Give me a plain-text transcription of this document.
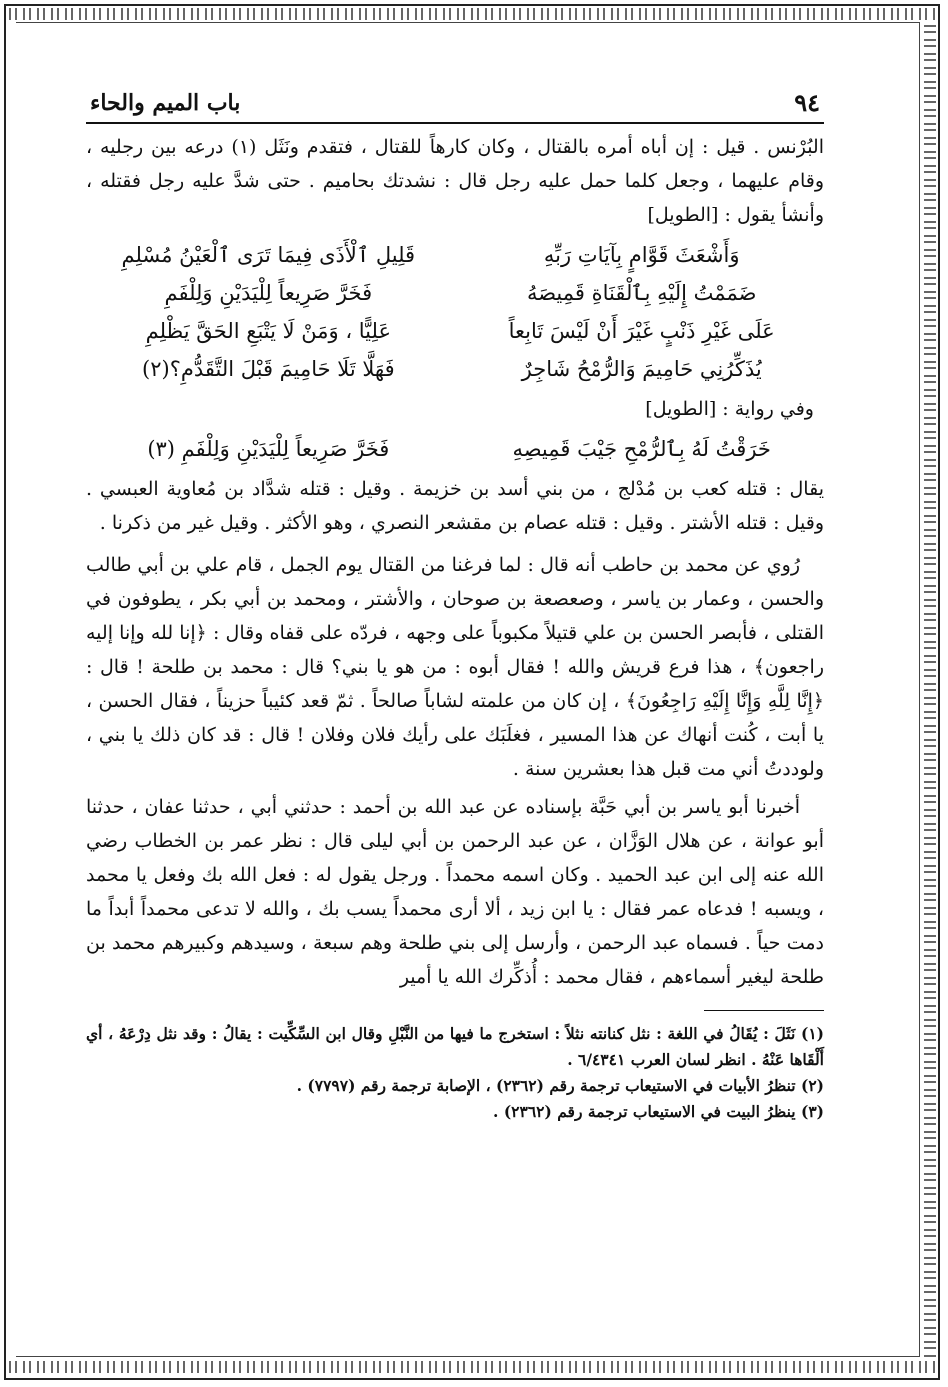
٩٤
باب الميم والحاء

البُرْنس . قيل : إن أباه أمره بالقتال ، وكان كارهاً للقتال ، فتقدم ونَثَل (١) درعه بين رجليه ، وقام عليهما ، وجعل كلما حمل عليه رجل قال : نشدتك بحاميم . حتى شدَّ عليه رجل فقتله ، وأنشأ يقول : [الطويل]

وَأَشْعَثَ قَوَّامٍ بِآيَاتِ رَبِّهِ
قَلِيلِ ٱلْأَذَى فِيمَا تَرَى ٱلْعَيْنُ مُسْلِمِ
ضَمَمْتُ إِلَيْهِ بِٱلْقَنَاةِ قَمِيصَهُ
فَخَرَّ صَرِيعاً لِلْيَدَيْنِ وَلِلْفَمِ
عَلَى غَيْرِ ذَنْبٍ غَيْرَ أَنْ لَيْسَ تَابِعاً
عَلِيًّا ، وَمَنْ لَا يَتْبَعِ الحَقَّ يَظْلِمِ
يُذَكِّرُنِي حَامِيمَ وَالرُّمْحُ شَاجِرٌ
فَهَلَّا تَلَا حَامِيمَ قَبْلَ التَّقَدُّمِ؟(٢)
وفي رواية : [الطويل]
خَرَقْتُ لَهُ بِٱلرُّمْحِ جَيْبَ قَمِيصِهِ
فَخَرَّ صَرِيعاً لِلْيَدَيْنِ وَلِلْفَمِ (٣)

يقال : قتله كعب بن مُدْلج ، من بني أسد بن خزيمة . وقيل : قتله شدَّاد بن مُعاوية العبسي . وقيل : قتله الأشتر . وقيل : قتله عصام بن مقشعر النصري ، وهو الأكثر . وقيل غير من ذكرنا .

رُوي عن محمد بن حاطب أنه قال : لما فرغنا من القتال يوم الجمل ، قام علي بن أبي طالب والحسن ، وعمار بن ياسر ، وصعصعة بن صوحان ، والأشتر ، ومحمد بن أبي بكر ، يطوفون في القتلى ، فأبصر الحسن بن علي قتيلاً مكبوباً على وجهه ، فردّه على قفاه وقال : ﴿إنا لله وإنا إليه راجعون﴾ ، هذا فرع قريش والله ! فقال أبوه : من هو يا بني؟ قال : محمد بن طلحة ! قال : ﴿إِنَّا لِلَّهِ وَإِنَّا إِلَيْهِ رَاجِعُونَ﴾ ، إن كان من علمته لشاباً صالحاً . ثمّ قعد كئيباً حزيناً ، فقال الحسن ، يا أبت ، كُنت أنهاك عن هذا المسير ، فغلَبَك على رأيك فلان وفلان ! قال : قد كان ذلك يا بني ، ولوددتُ أني مت قبل هذا بعشرين سنة .

أخبرنا أبو ياسر بن أبي حَبَّة بإسناده عن عبد الله بن أحمد : حدثني أبي ، حدثنا عفان ، حدثنا أبو عوانة ، عن هلال الوَزَّان ، عن عبد الرحمن بن أبي ليلى قال : نظر عمر بن الخطاب رضي الله عنه إلى ابن عبد الحميد . وكان اسمه محمداً . ورجل يقول له : فعل الله بك وفعل يا محمد ، ويسبه ! فدعاه عمر فقال : يا ابن زيد ، ألا أرى محمداً يسب بك ، والله لا تدعى محمداً أبداً ما دمت حياً . فسماه عبد الرحمن ، وأرسل إلى بني طلحة وهم سبعة ، وسيدهم وكبيرهم محمد بن طلحة ليغير أسماءهم ، فقال محمد : أُذكِّرك الله يا أمير

(١) نَثَلَ : يُقَالُ في اللغة : نثل كنانته نثلاً : استخرج ما فيها من النَّبْلِ وقال ابن السِّكِّيت : يقالُ : وقد نثل دِرْعَهُ ، أي أَلْقَاها عَنْهُ . انظر لسان العرب ٦/٤٣٤١ .
(٢) تنظرُ الأبيات في الاستيعاب ترجمة رقم (٢٣٦٢) ، الإصابة ترجمة رقم (٧٧٩٧) .
(٣) ينظرُ البيت في الاستيعاب ترجمة رقم (٢٣٦٢) .
